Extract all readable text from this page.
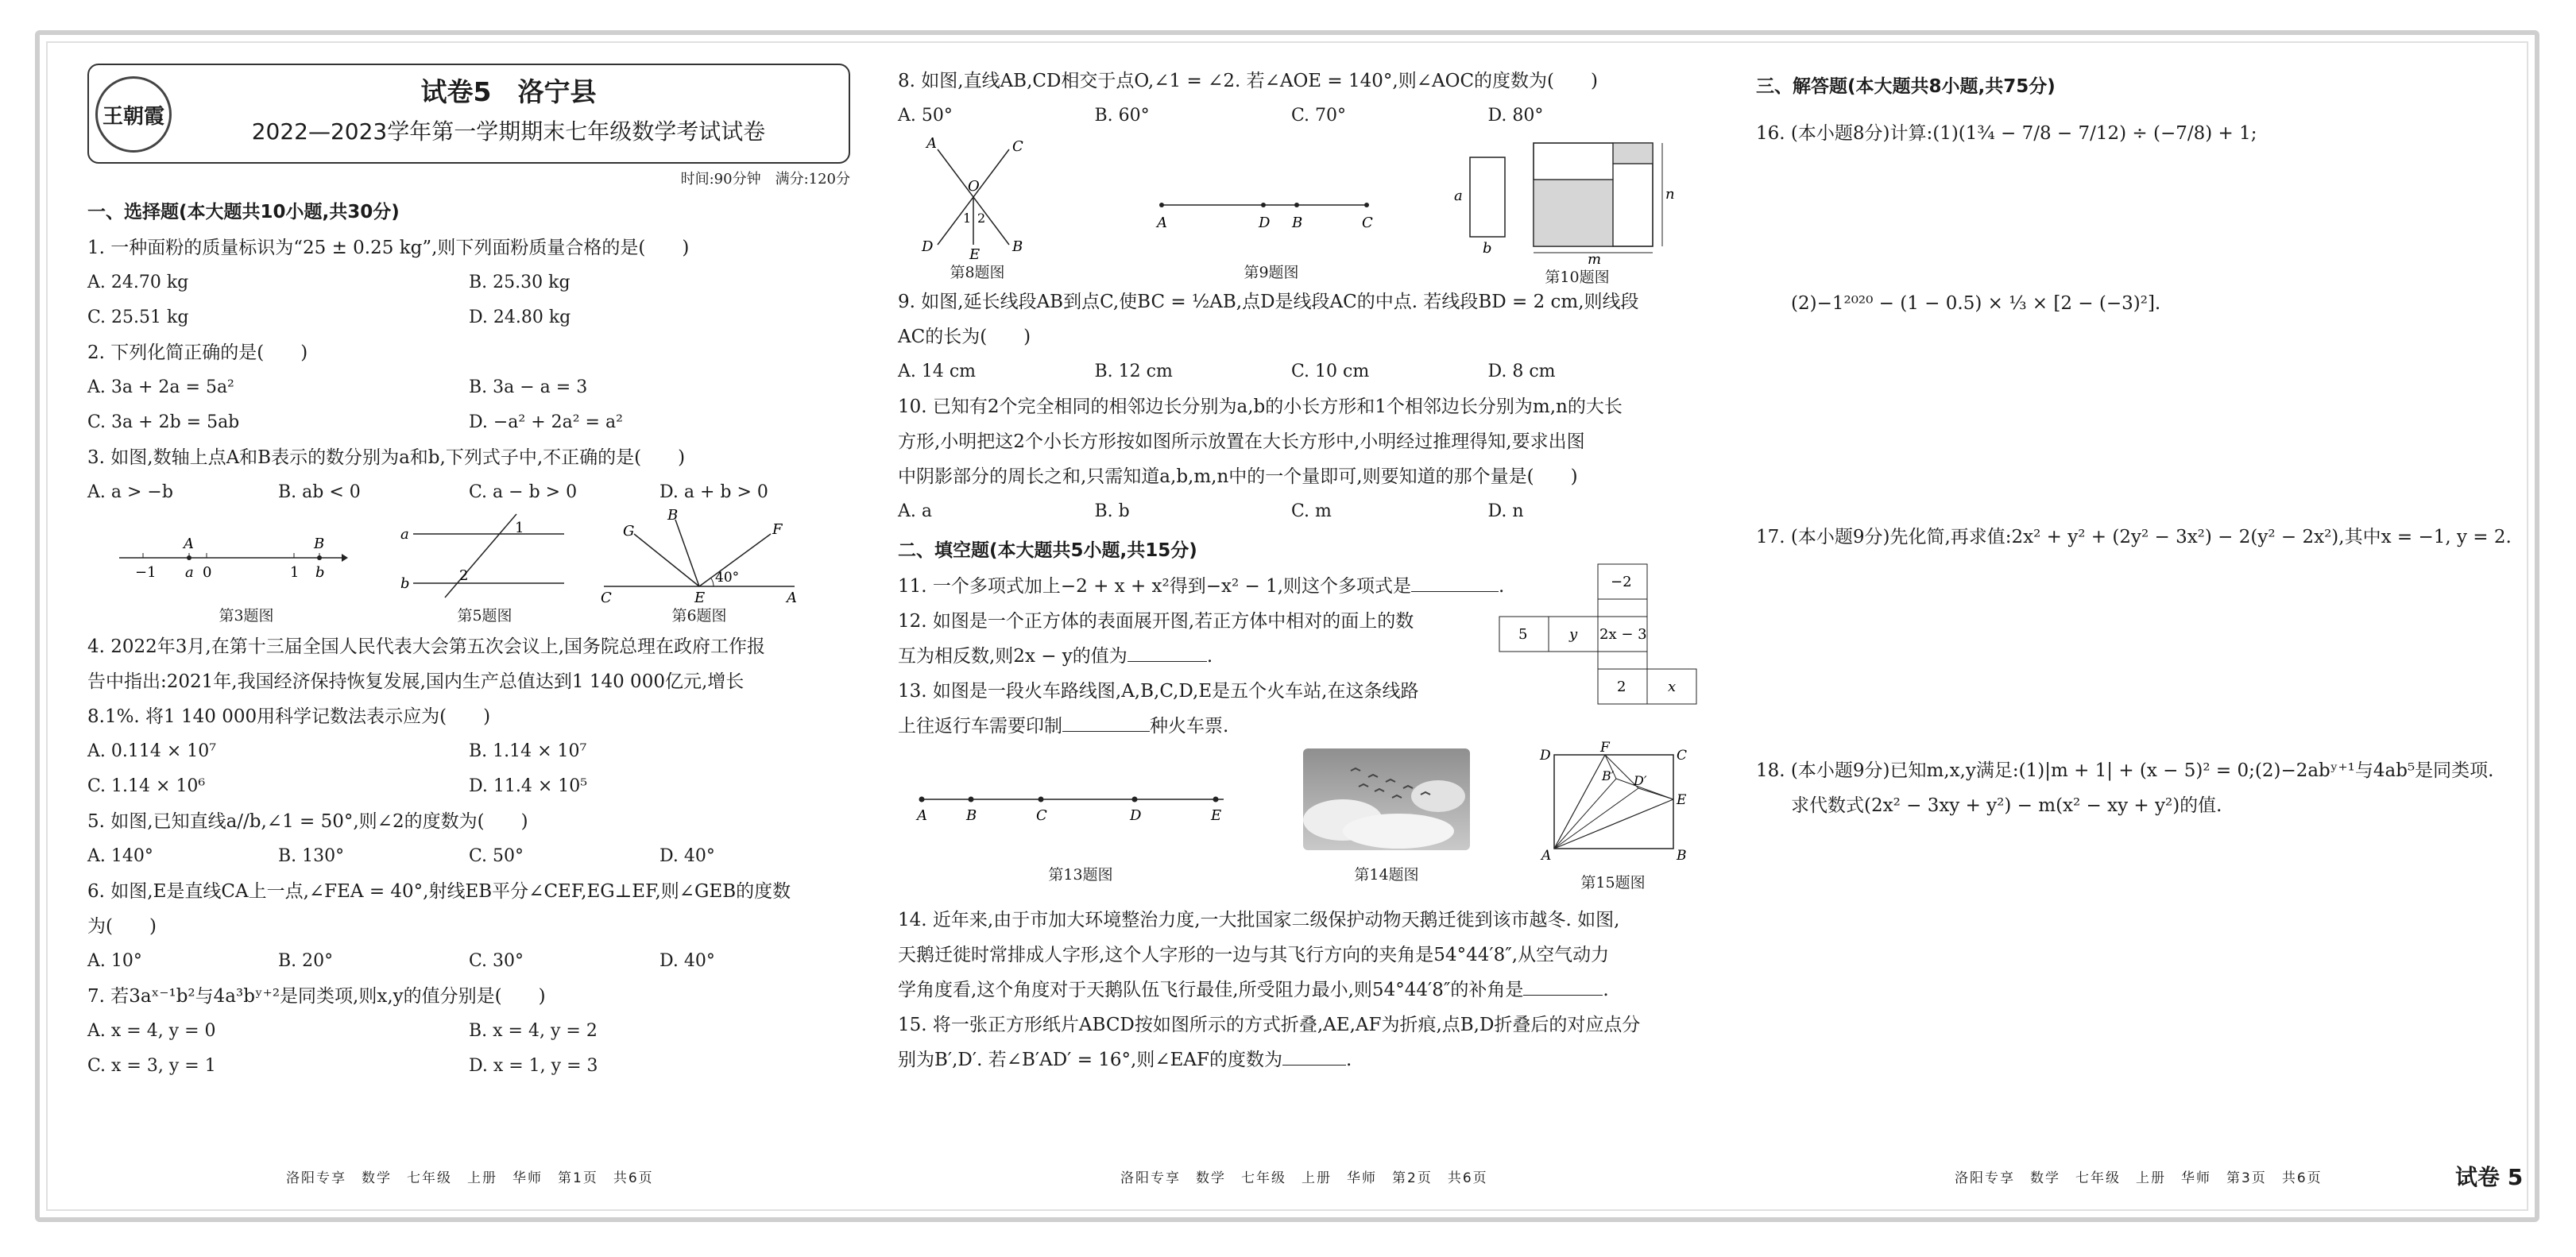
王朝霞
试卷5　洛宁县
2022—2023学年第一学期期末七年级数学考试试卷
时间:90分钟　满分:120分
一、选择题(本大题共10小题,共30分)

1. 一种面粉的质量标识为“25 ± 0.25 kg”,则下列面粉质量合格的是(　　)

A. 24.70 kg	B. 25.30 kg
C. 25.51 kg	D. 24.80 kg

2. 下列化简正确的是(　　)

A. 3a + 2a = 5a²	B. 3a − a = 3
C. 3a + 2b = 5ab	D. −a² + 2a² = a²

3. 如图,数轴上点A和B表示的数分别为a和b,下列式子中,不正确的是(　　)

A. a > −b	B. ab < 0	C. a − b > 0	D. a + b > 0
A	B
−1 a 0	1 b
第3题图
a
b
1
2
第5题图
G
B
F
40°
C	E	A
第6题图

4. 2022年3月,在第十三届全国人民代表大会第五次会议上,国务院总理在政府工作报

告中指出:2021年,我国经济保持恢复发展,国内生产总值达到1 140 000亿元,增长

8.1%. 将1 140 000用科学记数法表示应为(　　)

A. 0.114 × 10⁷	B. 1.14 × 10⁷
C. 1.14 × 10⁶	D. 11.4 × 10⁵

5. 如图,已知直线a//b,∠1 = 50°,则∠2的度数为(　　)

A. 140°	B. 130°	C. 50°	D. 40°

6. 如图,E是直线CA上一点,∠FEA = 40°,射线EB平分∠CEF,EG⊥EF,则∠GEB的度数

为(　　)

A. 10°	B. 20°	C. 30°	D. 40°

7. 若3aˣ⁻¹b²与4a³bʸ⁺²是同类项,则x,y的值分别是(　　)

A. x = 4, y = 0	B. x = 4, y = 2
C. x = 3, y = 1	D. x = 1, y = 3

8. 如图,直线AB,CD相交于点O,∠1 = ∠2. 若∠AOE = 140°,则∠AOC的度数为(　　)

A. 50°	B. 60°	C. 70°	D. 80°
A	C
O
1 2
D	E B
第8题图
A	D B	C
第9题图
a
b
n
m
第10题图

9. 如图,延长线段AB到点C,使BC = ½AB,点D是线段AC的中点. 若线段BD = 2 cm,则线段

AC的长为(　　)

A. 14 cm	B. 12 cm	C. 10 cm	D. 8 cm

10. 已知有2个完全相同的相邻边长分别为a,b的小长方形和1个相邻边长分别为m,n的大长

方形,小明把这2个小长方形按如图所示放置在大长方形中,小明经过推理得知,要求出图

中阴影部分的周长之和,只需知道a,b,m,n中的一个量即可,则要知道的那个量是(　　)

A. a	B. b	C. m	D. n
二、填空题(本大题共5小题,共15分)

11. 一个多项式加上−2 + x + x²得到−x² − 1,则这个多项式是	.

12. 如图是一个正方体的表面展开图,若正方体中相对的面上的数

互为相反数,则2x − y的值为	.

13. 如图是一段火车路线图,A,B,C,D,E是五个火车站,在这条线路

上往返行车需要印制	种火车票.

−2
5	y 2x − 3
2	x
A	B	C	D	E
第13题图	第14题图
D	F	C
B′ D′
E
A	B
第15题图

14. 近年来,由于市加大环境整治力度,一大批国家二级保护动物天鹅迁徙到该市越冬. 如图,

天鹅迁徙时常排成人字形,这个人字形的一边与其飞行方向的夹角是54°44′8″,从空气动力

学角度看,这个角度对于天鹅队伍飞行最佳,所受阻力最小,则54°44′8″的补角是	.

15. 将一张正方形纸片ABCD按如图所示的方式折叠,AE,AF为折痕,点B,D折叠后的对应点分

别为B′,D′. 若∠B′AD′ = 16°,则∠EAF的度数为	.

三、解答题(本大题共8小题,共75分)

16. (本小题8分)计算:(1)(1¾ − 7/8 − 7/12) ÷ (−7/8) + 1;

(2)−1²⁰²⁰ − (1 − 0.5) × ⅓ × [2 − (−3)²].

17. (本小题9分)先化简,再求值:2x² + y² + (2y² − 3x²) − 2(y² − 2x²),其中x = −1, y = 2.

18. (本小题9分)已知m,x,y满足:(1)|m + 1| + (x − 5)² = 0;(2)−2abʸ⁺¹与4ab⁵是同类项.

求代数式(2x² − 3xy + y²) − m(x² − xy + y²)的值.

洛阳专享　数学　七年级　上册　华师　第1页　共6页	洛阳专享　数学　七年级　上册　华师　第2页　共6页	洛阳专享　数学　七年级　上册　华师　第3页　共6页	试卷 5
